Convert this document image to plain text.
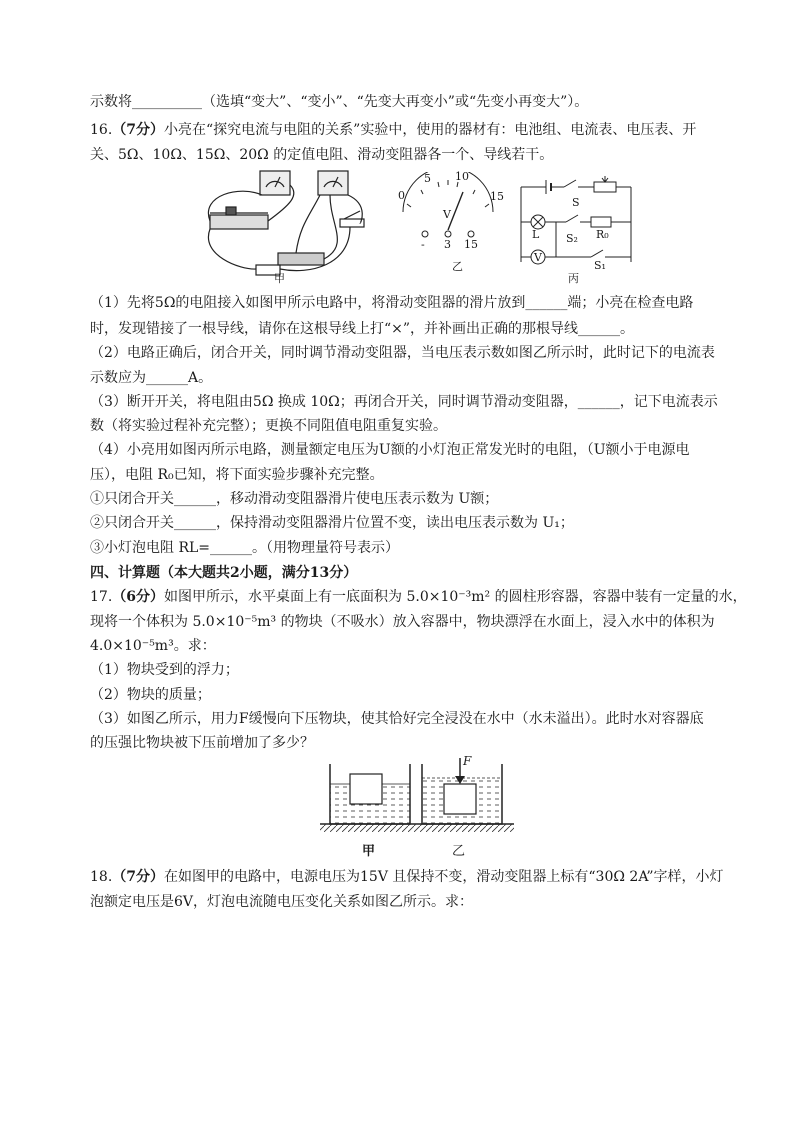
示数将__________（选填“变大”、“变小”、“先变大再变小”或“先变小再变大”）。
16.（7分）小亮在“探究电流与电阻的关系”实验中，使用的器材有：电池组、电流表、电压表、开
关、5Ω、10Ω、15Ω、20Ω 的定值电阻、滑动变阻器各一个、导线若干。
甲
0
5 10
15
V
- 3 15
乙
S
L S₂ R₀
V
S₁
丙
（1）先将5Ω的电阻接入如图甲所示电路中，将滑动变阻器的滑片放到______端；小亮在检查电路
时，发现错接了一根导线，请你在这根导线上打“×”，并补画出正确的那根导线______。
（2）电路正确后，闭合开关，同时调节滑动变阻器，当电压表示数如图乙所示时，此时记下的电流表
示数应为______A。
（3）断开开关，将电阻由5Ω 换成 10Ω；再闭合开关，同时调节滑动变阻器，______，记下电流表示
数（将实验过程补充完整）；更换不同阻值电阻重复实验。
（4）小亮用如图丙所示电路，测量额定电压为U额的小灯泡正常发光时的电阻，（U额小于电源电
压），电阻 R₀已知，将下面实验步骤补充完整。
①只闭合开关______，移动滑动变阻器滑片使电压表示数为 U额；
②只闭合开关______，保持滑动变阻器滑片位置不变，读出电压表示数为 U₁；
③小灯泡电阻 RL=______。（用物理量符号表示）
四、计算题（本大题共2小题，满分13分）
17.（6分）如图甲所示，水平桌面上有一底面积为 5.0×10⁻³m² 的圆柱形容器，容器中装有一定量的水，
现将一个体积为 5.0×10⁻⁵m³ 的物块（不吸水）放入容器中，物块漂浮在水面上，浸入水中的体积为
4.0×10⁻⁵m³。求：
（1）物块受到的浮力；
（2）物块的质量；
（3）如图乙所示，用力F缓慢向下压物块，使其恰好完全浸没在水中（水未溢出）。此时水对容器底
的压强比物块被下压前增加了多少？
F
甲	乙
18.（7分）在如图甲的电路中，电源电压为15V 且保持不变，滑动变阻器上标有“30Ω 2A”字样，小灯
泡额定电压是6V，灯泡电流随电压变化关系如图乙所示。求：
